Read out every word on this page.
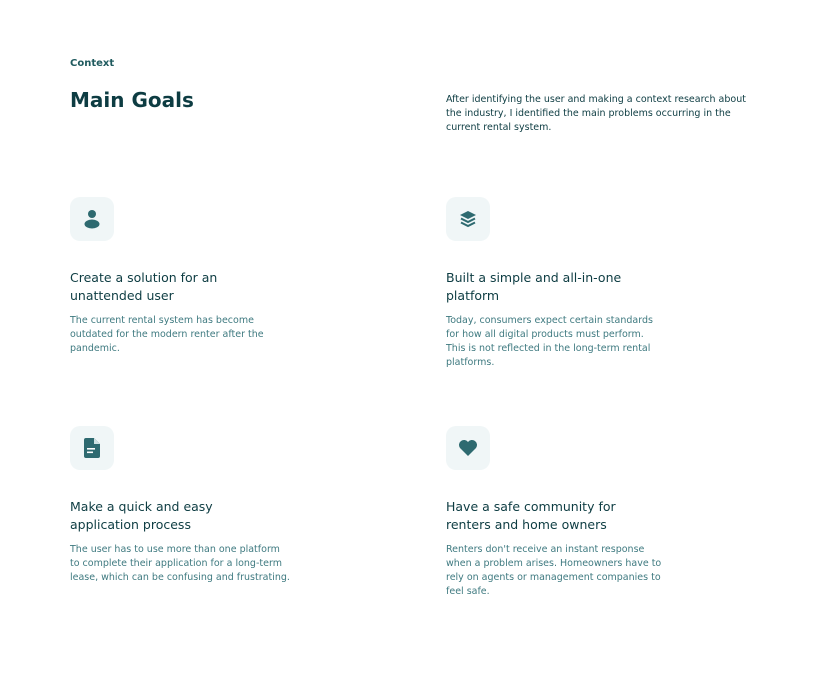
Context
Main Goals	After identifying the user and making a context research about the industry, I identified the main problems occurring in the current rental system.
Create a solution for an unattended user
The current rental system has become outdated for the modern renter after the pandemic.
Built a simple and all-in-one platform
Today, consumers expect certain standards for how all digital products must perform. This is not reflected in the long-term rental platforms.
Make a quick and easy application process
The user has to use more than one platform to complete their application for a long-term lease, which can be confusing and frustrating.
Have a safe community for renters and home owners
Renters don't receive an instant response when a problem arises. Homeowners have to rely on agents or management companies to feel safe.
